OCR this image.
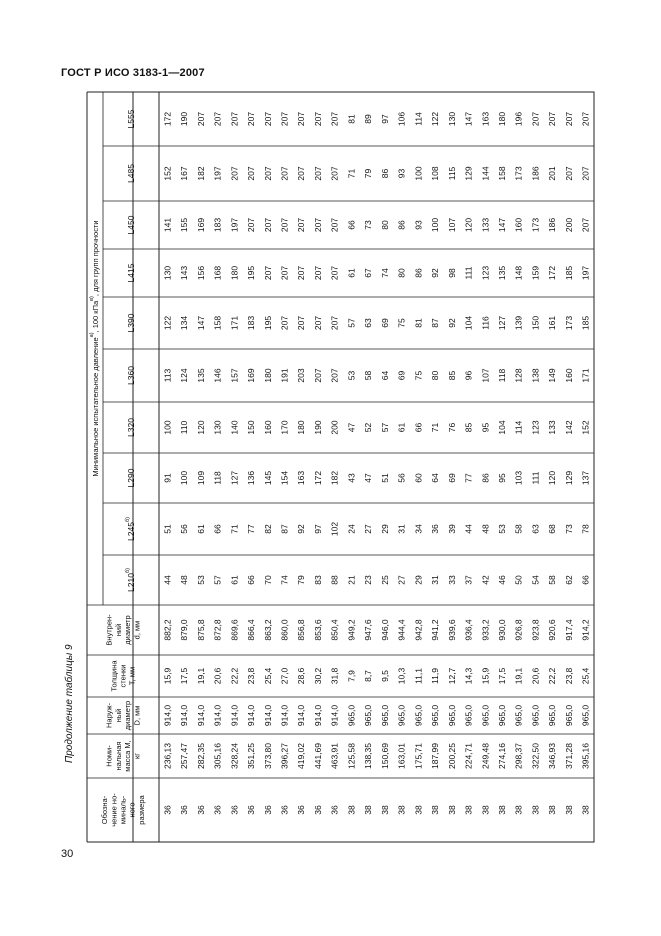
ГОСТ Р ИСО 3183-1—2007
Продолжение таблицы 9
30
Обозна- чение но- миналь- ного размера
Номи- нальная масса М, кг
Наруж- ный диаметр D, мм
Толщина стенки T, мм
Внутрен- ний диаметр d, мм
Минимальное испытательное давление$^{а)}$, 100 кПа$^{в)}$, для групп прочности
$L210^{б)}$
$L245^{б)}$
L290
L320
L360
L390
L415
L450
L485
L555
36
236,13
914,0
15,9
882,2
44
51
91
100
113
122
130
141
152
172
36
257,47
914,0
17,5
879,0
48
56
100
110
124
134
143
155
167
190
36
282,35
914,0
19,1
875,8
53
61
109
120
135
147
156
169
182
207
36
305,16
914,0
20,6
872,8
57
66
118
130
146
158
168
183
197
207
36
328,24
914,0
22,2
869,6
61
71
127
140
157
171
180
197
207
207
36
351,25
914,0
23,8
866,4
66
77
136
150
169
183
195
207
207
207
36
373,80
914,0
25,4
863,2
70
82
145
160
180
195
207
207
207
207
36
396,27
914,0
27,0
860,0
74
87
154
170
191
207
207
207
207
207
36
419,02
914,0
28,6
856,8
79
92
163
180
203
207
207
207
207
207
36
441,69
914,0
30,2
853,6
83
97
172
190
207
207
207
207
207
207
36
463,91
914,0
31,8
850,4
88
102
182
200
207
207
207
207
207
207
38
125,58
965,0
7,9
949,2
21
24
43
47
53
57
61
66
71
81
38
138,35
965,0
8,7
947,6
23
27
47
52
58
63
67
73
79
89
38
150,69
965,0
9,5
946,0
25
29
51
57
64
69
74
80
86
97
38
163,01
965,0
10,3
944,4
27
31
56
61
69
75
80
86
93
106
38
175,71
965,0
11,1
942,8
29
34
60
66
75
81
86
93
100
114
38
187,99
965,0
11,9
941,2
31
36
64
71
80
87
92
100
108
122
38
200,25
965,0
12,7
939,6
33
39
69
76
85
92
98
107
115
130
38
224,71
965,0
14,3
936,4
37
44
77
85
96
104
111
120
129
147
38
249,48
965,0
15,9
933,2
42
48
86
95
107
116
123
133
144
163
38
274,16
965,0
17,5
930,0
46
53
95
104
118
127
135
147
158
180
38
298,37
965,0
19,1
926,8
50
58
103
114
128
139
148
160
173
196
38
322,50
965,0
20,6
923,8
54
63
111
123
138
150
159
173
186
207
38
346,93
965,0
22,2
920,6
58
68
120
133
149
161
172
186
201
207
38
371,28
965,0
23,8
917,4
62
73
129
142
160
173
185
200
207
207
38
395,16
965,0
25,4
914,2
66
78
137
152
171
185
197
207
207
207
